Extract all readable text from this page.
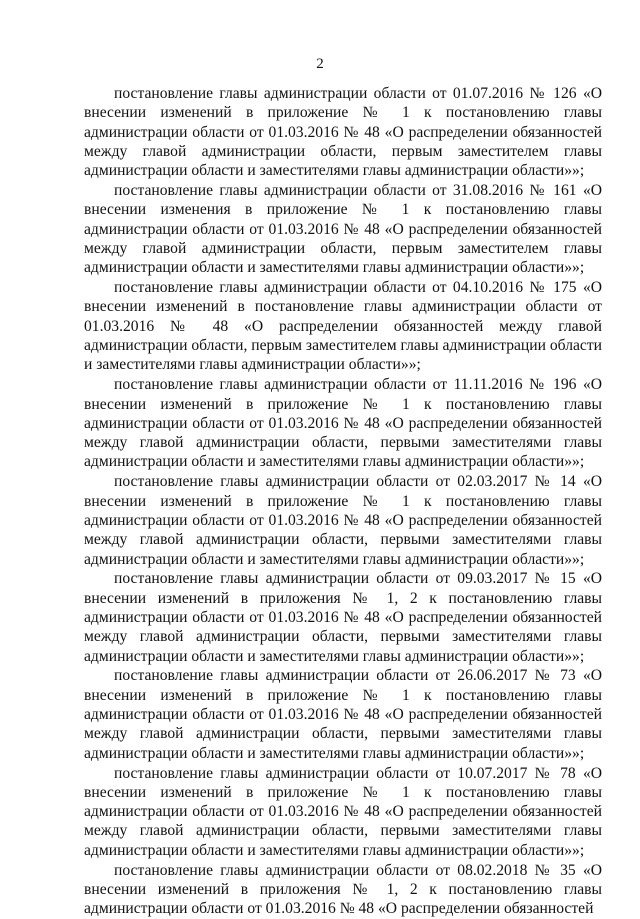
2

постановление главы администрации области от 01.07.2016 № 126 «О внесении изменений в приложение № 1 к постановлению главы администрации области от 01.03.2016 № 48 «О распределении обязанностей между главой администрации области, первым заместителем главы администрации области и заместителями главы администрации области»»;

постановление главы администрации области от 31.08.2016 № 161 «О внесении изменения в приложение № 1 к постановлению главы администрации области от 01.03.2016 № 48 «О распределении обязанностей между главой администрации области, первым заместителем главы администрации области и заместителями главы администрации области»»;

постановление главы администрации области от 04.10.2016 № 175 «О внесении изменений в постановление главы администрации области от 01.03.2016 № 48 «О распределении обязанностей между главой администрации области, первым заместителем главы администрации области и заместителями главы администрации области»»;

постановление главы администрации области от 11.11.2016 № 196 «О внесении изменений в приложение № 1 к постановлению главы администрации области от 01.03.2016 № 48 «О распределении обязанностей между главой администрации области, первыми заместителями главы администрации области и заместителями главы администрации области»»;

постановление главы администрации области от 02.03.2017 № 14 «О внесении изменений в приложение № 1 к постановлению главы администрации области от 01.03.2016 № 48 «О распределении обязанностей между главой администрации области, первыми заместителями главы администрации области и заместителями главы администрации области»»;

постановление главы администрации области от 09.03.2017 № 15 «О внесении изменений в приложения № 1, 2 к постановлению главы администрации области от 01.03.2016 № 48 «О распределении обязанностей между главой администрации области, первыми заместителями главы администрации области и заместителями главы администрации области»»;

постановление главы администрации области от 26.06.2017 № 73 «О внесении изменений в приложение № 1 к постановлению главы администрации области от 01.03.2016 № 48 «О распределении обязанностей между главой администрации области, первыми заместителями главы администрации области и заместителями главы администрации области»»;

постановление главы администрации области от 10.07.2017 № 78 «О внесении изменений в приложение № 1 к постановлению главы администрации области от 01.03.2016 № 48 «О распределении обязанностей между главой администрации области, первыми заместителями главы администрации области и заместителями главы администрации области»»;

постановление главы администрации области от 08.02.2018 № 35 «О внесении изменений в приложения № 1, 2 к постановлению главы администрации области от 01.03.2016 № 48 «О распределении обязанностей
